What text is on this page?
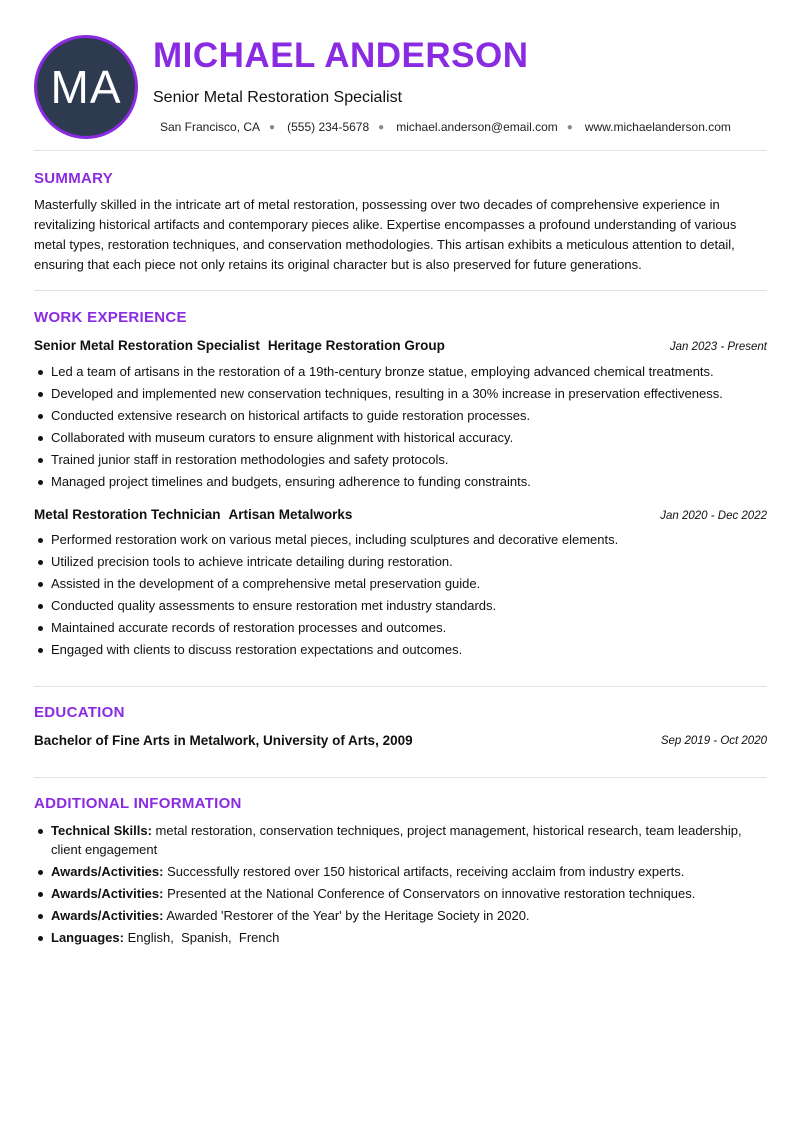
MA
MICHAEL ANDERSON
Senior Metal Restoration Specialist
San Francisco, CA ● (555) 234-5678 ● michael.anderson@email.com ● www.michaelanderson.com
SUMMARY
Masterfully skilled in the intricate art of metal restoration, possessing over two decades of comprehensive experience in revitalizing historical artifacts and contemporary pieces alike. Expertise encompasses a profound understanding of various metal types, restoration techniques, and conservation methodologies. This artisan exhibits a meticulous attention to detail, ensuring that each piece not only retains its original character but is also preserved for future generations.
WORK EXPERIENCE
Senior Metal Restoration Specialist Heritage Restoration Group	Jan 2023 - Present
Led a team of artisans in the restoration of a 19th-century bronze statue, employing advanced chemical treatments.
Developed and implemented new conservation techniques, resulting in a 30% increase in preservation effectiveness.
Conducted extensive research on historical artifacts to guide restoration processes.
Collaborated with museum curators to ensure alignment with historical accuracy.
Trained junior staff in restoration methodologies and safety protocols.
Managed project timelines and budgets, ensuring adherence to funding constraints.
Metal Restoration Technician Artisan Metalworks	Jan 2020 - Dec 2022
Performed restoration work on various metal pieces, including sculptures and decorative elements.
Utilized precision tools to achieve intricate detailing during restoration.
Assisted in the development of a comprehensive metal preservation guide.
Conducted quality assessments to ensure restoration met industry standards.
Maintained accurate records of restoration processes and outcomes.
Engaged with clients to discuss restoration expectations and outcomes.
EDUCATION
Bachelor of Fine Arts in Metalwork, University of Arts, 2009	Sep 2019 - Oct 2020
ADDITIONAL INFORMATION
Technical Skills: metal restoration, conservation techniques, project management, historical research, team leadership, client engagement
Awards/Activities: Successfully restored over 150 historical artifacts, receiving acclaim from industry experts.
Awards/Activities: Presented at the National Conference of Conservators on innovative restoration techniques.
Awards/Activities: Awarded 'Restorer of the Year' by the Heritage Society in 2020.
Languages: English,  Spanish,  French
